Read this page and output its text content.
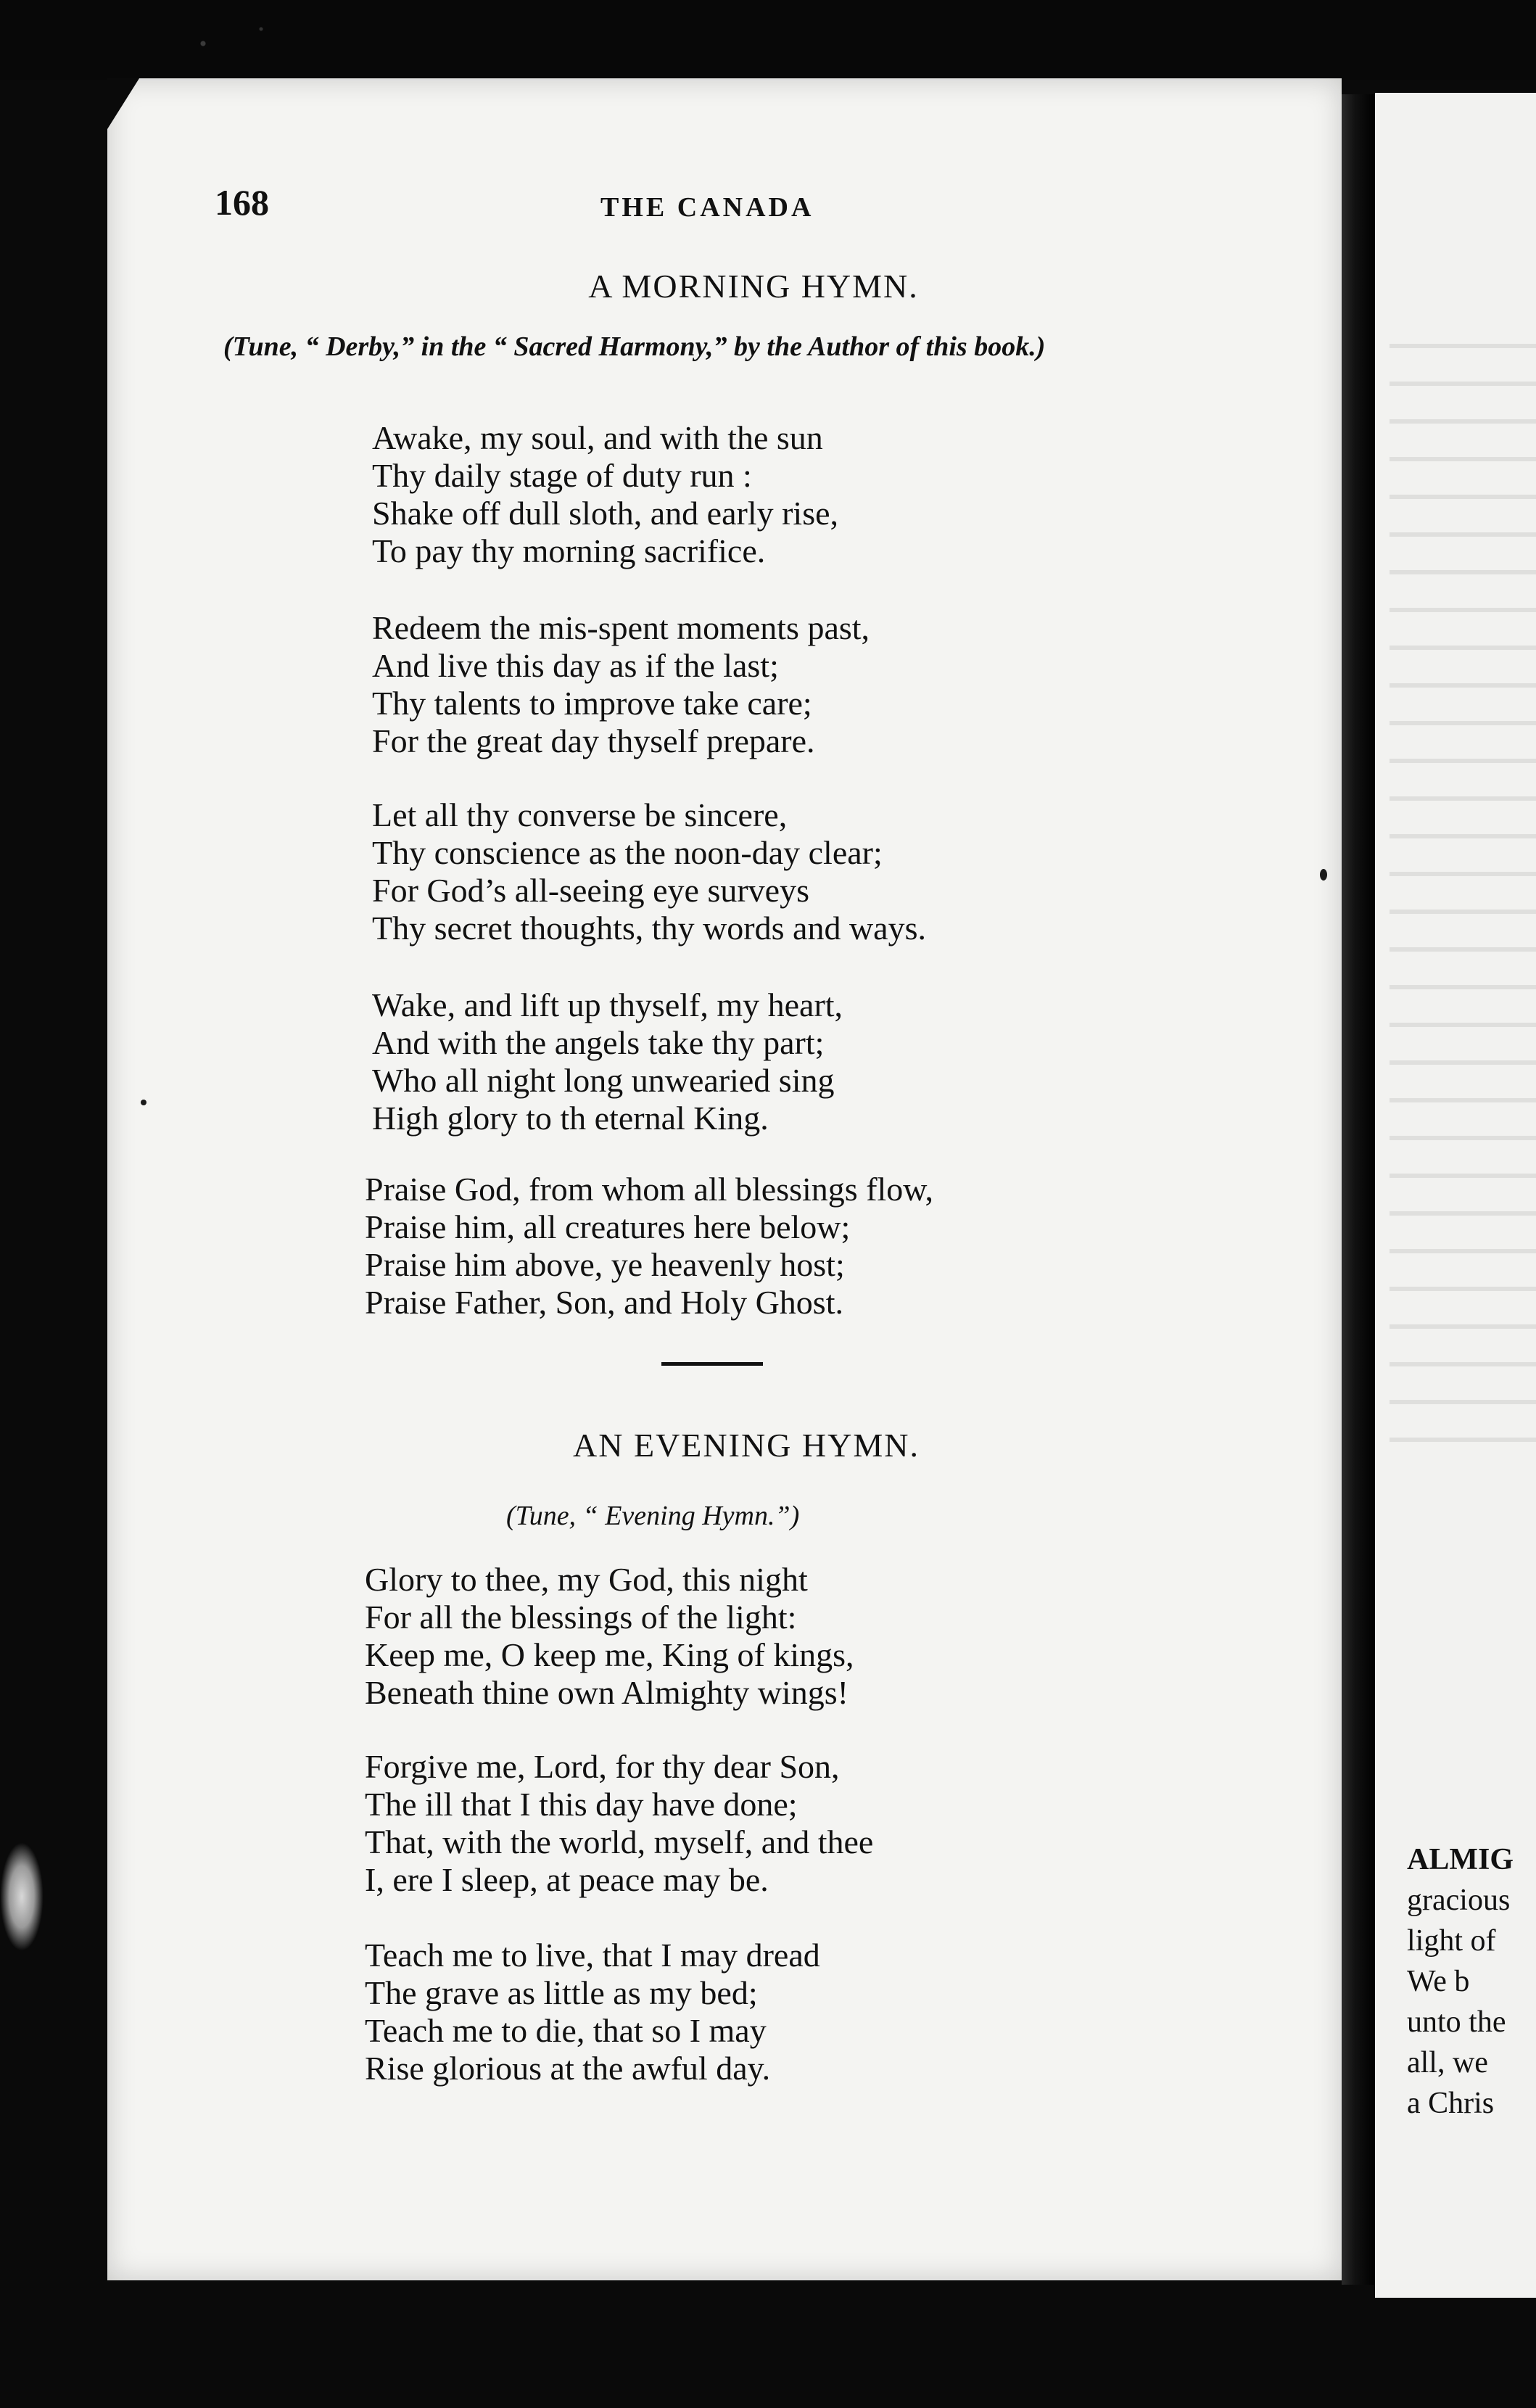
168	THE CANADA
A MORNING HYMN.
(Tune, “ Derby,” in the “ Sacred Harmony,” by the Author of this book.)
Awake, my soul, and with the sun
Thy daily stage of duty run :
Shake off dull sloth, and early rise,
To pay thy morning sacrifice.
Redeem the mis-spent moments past,
And live this day as if the last;
Thy talents to improve take care;
For the great day thyself prepare.
Let all thy converse be sincere,
Thy conscience as the noon-day clear;
For God’s all-seeing eye surveys
Thy secret thoughts, thy words and ways.
Wake, and lift up thyself, my heart,
And with the angels take thy part;
Who all night long unwearied sing
High glory to th eternal King.
Praise God, from whom all blessings flow,
Praise him, all creatures here below;
Praise him above, ye heavenly host;
Praise Father, Son, and Holy Ghost.
AN EVENING HYMN.
(Tune, “ Evening Hymn.”)
Glory to thee, my God, this night
For all the blessings of the light:
Keep me, O keep me, King of kings,
Beneath thine own Almighty wings!
Forgive me, Lord, for thy dear Son,
The ill that I this day have done;
That, with the world, myself, and thee
I, ere I sleep, at peace may be.
Teach me to live, that I may dread
The grave as little as my bed;
Teach me to die, that so I may
Rise glorious at the awful day.
ALMIG
gracious
light of
We b
unto the
all, we
a Chris
